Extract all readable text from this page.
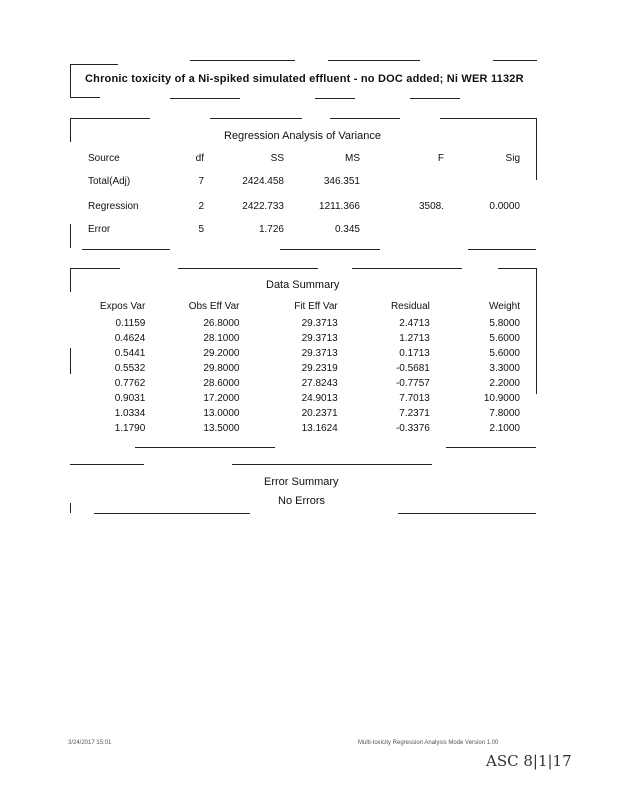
Chronic toxicity of a Ni-spiked simulated effluent - no DOC added; Ni WER 1132R
Regression Analysis of Variance
Source	df	SS	MS	F	Sig
Total(Adj)	7	2424.458	346.351		
Regression	2	2422.733	1211.366	3508.	0.0000
Error	5	1.726	0.345		
Data Summary
Expos Var	Obs Eff Var	Fit Eff Var	Residual	Weight
0.1159	26.8000	29.3713	2.4713	5.8000
0.4624	28.1000	29.3713	1.2713	5.6000
0.5441	29.2000	29.3713	0.1713	5.6000
0.5532	29.8000	29.2319	-0.5681	3.3000
0.7762	28.6000	27.8243	-0.7757	2.2000
0.9031	17.2000	24.9013	7.7013	10.9000
1.0334	13.0000	20.2371	7.2371	7.8000
1.1790	13.5000	13.1624	-0.3376	2.1000
Error Summary
No Errors
3/24/2017 15:01	Multi-toxicity Regression Analysis Mode Version 1.00
ASC 8|1|17
